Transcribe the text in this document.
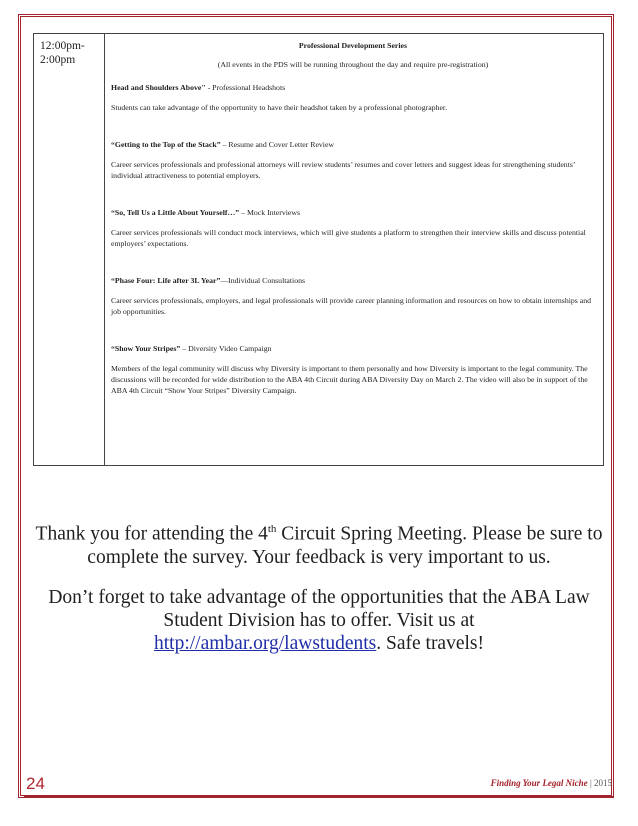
12:00pm-
2:00pm

Professional Development Series

(All events in the PDS will be running throughout the day and require pre-registration)

Head and Shoulders Above" - Professional Headshots

Students can take advantage of the opportunity to have their headshot taken by a professional photographer.

“Getting to the Top of the Stack” – Resume and Cover Letter Review

Career services professionals and professional attorneys will review students’ resumes and cover letters and suggest ideas for strengthening students’ individual attractiveness to potential employers.

“So, Tell Us a Little About Yourself…” – Mock Interviews

Career services professionals will conduct mock interviews, which will give students a platform to strengthen their interview skills and discuss potential employers’ expectations.

“Phase Four: Life after 3L Year”—Individual Consultations

Career services professionals, employers, and legal professionals will provide career planning information and resources on how to obtain internships and job opportunities.

“Show Your Stripes” – Diversity Video Campaign

Members of the legal community will discuss why Diversity is important to them personally and how Diversity is important to the legal community. The discussions will be recorded for wide distribution to the ABA 4th Circuit during ABA Diversity Day on March 2. The video will also be in support of the ABA 4th Circuit “Show Your Stripes” Diversity Campaign.

Thank you for attending the 4th Circuit Spring Meeting. Please be sure to complete the survey. Your feedback is very important to us.
Don’t forget to take advantage of the opportunities that the ABA Law Student Division has to offer. Visit us at
http://ambar.org/lawstudents. Safe travels!
24	Finding Your Legal Niche | 2015
